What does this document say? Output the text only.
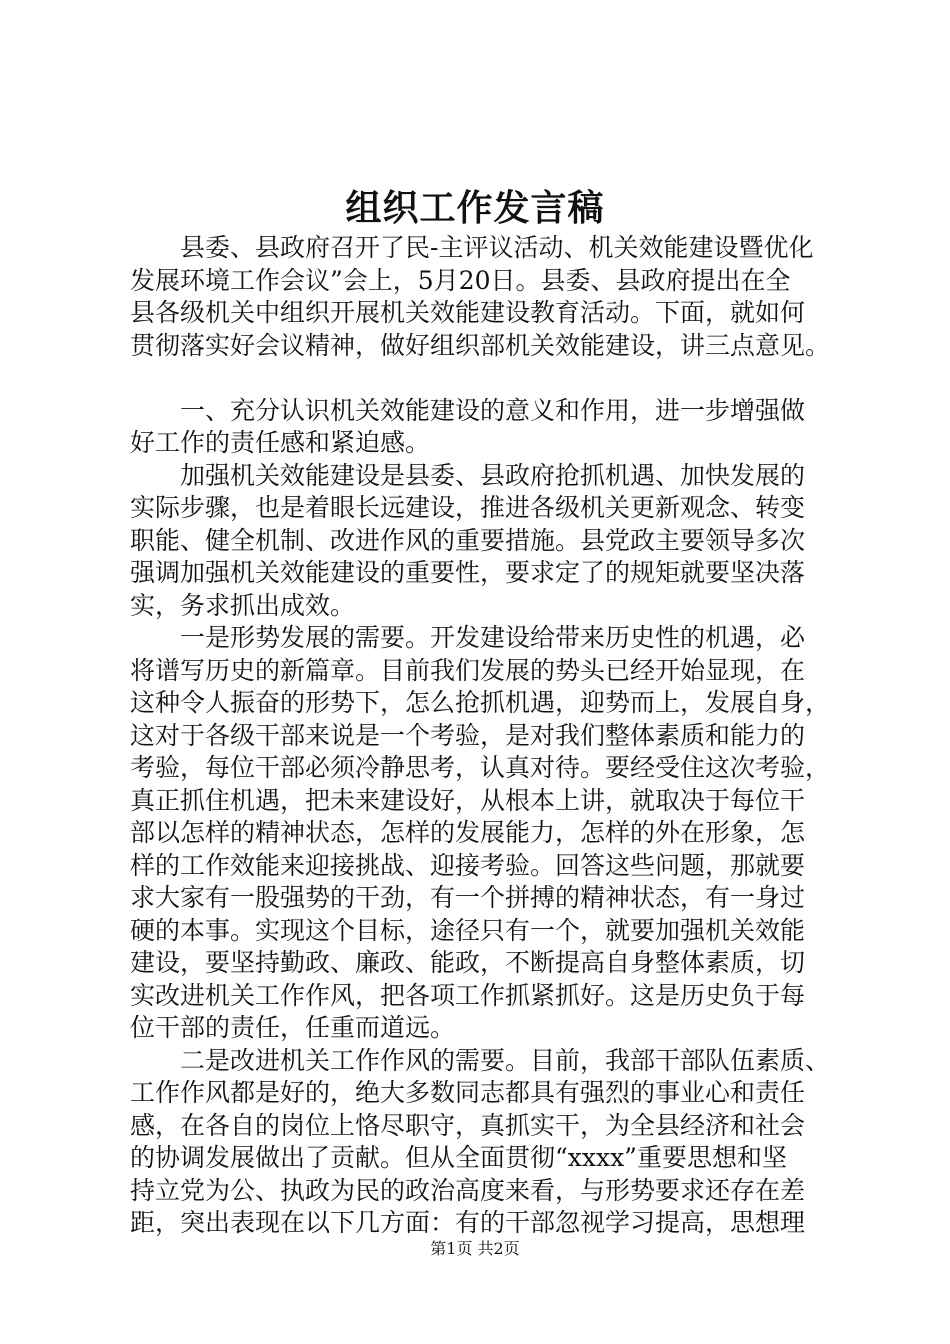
组织工作发言稿
县委、县政府召开了民-主评议活动、机关效能建设暨优化
发展环境工作会议”会上，5月20日。县委、县政府提出在全
县各级机关中组织开展机关效能建设教育活动。下面，就如何
贯彻落实好会议精神，做好组织部机关效能建设，讲三点意见。
一、充分认识机关效能建设的意义和作用，进一步增强做
好工作的责任感和紧迫感。
加强机关效能建设是县委、县政府抢抓机遇、加快发展的
实际步骤，也是着眼长远建设，推进各级机关更新观念、转变
职能、健全机制、改进作风的重要措施。县党政主要领导多次
强调加强机关效能建设的重要性，要求定了的规矩就要坚决落
实，务求抓出成效。
一是形势发展的需要。开发建设给带来历史性的机遇，必
将谱写历史的新篇章。目前我们发展的势头已经开始显现，在
这种令人振奋的形势下，怎么抢抓机遇，迎势而上，发展自身，
这对于各级干部来说是一个考验，是对我们整体素质和能力的
考验，每位干部必须冷静思考，认真对待。要经受住这次考验，
真正抓住机遇，把未来建设好，从根本上讲，就取决于每位干
部以怎样的精神状态，怎样的发展能力，怎样的外在形象，怎
样的工作效能来迎接挑战、迎接考验。回答这些问题，那就要
求大家有一股强势的干劲，有一个拼搏的精神状态，有一身过
硬的本事。实现这个目标，途径只有一个，就要加强机关效能
建设，要坚持勤政、廉政、能政，不断提高自身整体素质，切
实改进机关工作作风，把各项工作抓紧抓好。这是历史负于每
位干部的责任，任重而道远。
二是改进机关工作作风的需要。目前，我部干部队伍素质、
工作作风都是好的，绝大多数同志都具有强烈的事业心和责任
感，在各自的岗位上恪尽职守，真抓实干，为全县经济和社会
的协调发展做出了贡献。但从全面贯彻“xxxx”重要思想和坚
持立党为公、执政为民的政治高度来看，与形势要求还存在差
距，突出表现在以下几方面：有的干部忽视学习提高，思想理
第1页 共2页
